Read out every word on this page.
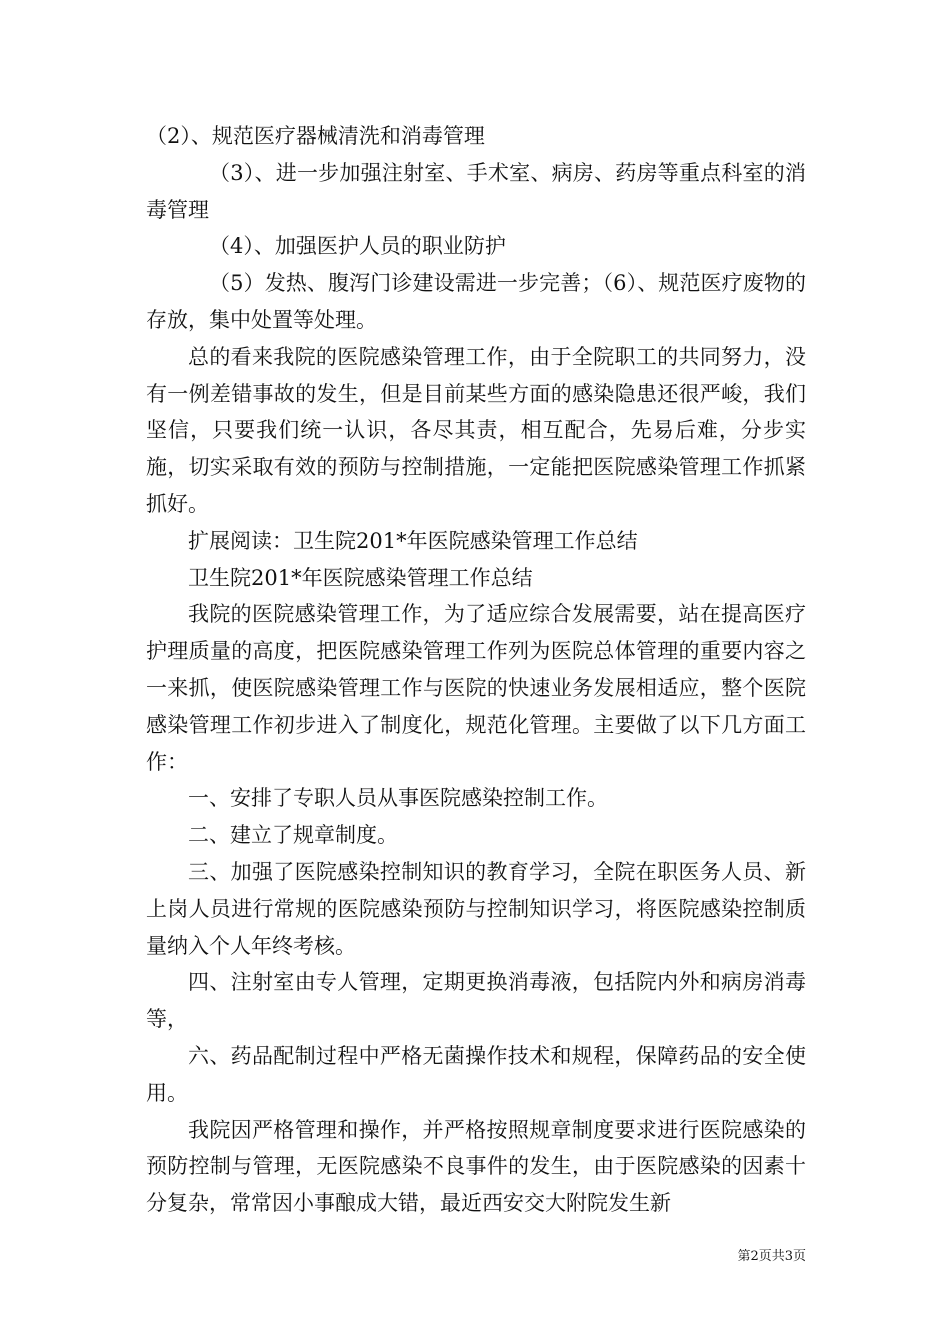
（2）、规范医疗器械清洗和消毒管理

（3）、进一步加强注射室、手术室、病房、药房等重点科室的消毒管理

（4）、加强医护人员的职业防护

（5）发热、腹泻门诊建设需进一步完善；（6）、规范医疗废物的存放，集中处置等处理。

总的看来我院的医院感染管理工作，由于全院职工的共同努力，没有一例差错事故的发生，但是目前某些方面的感染隐患还很严峻，我们坚信，只要我们统一认识，各尽其责，相互配合，先易后难，分步实施，切实采取有效的预防与控制措施，一定能把医院感染管理工作抓紧抓好。

扩展阅读：卫生院201*年医院感染管理工作总结

卫生院201*年医院感染管理工作总结

我院的医院感染管理工作，为了适应综合发展需要，站在提高医疗护理质量的高度，把医院感染管理工作列为医院总体管理的重要内容之一来抓，使医院感染管理工作与医院的快速业务发展相适应，整个医院感染管理工作初步进入了制度化，规范化管理。主要做了以下几方面工作：

一、安排了专职人员从事医院感染控制工作。

二、建立了规章制度。

三、加强了医院感染控制知识的教育学习，全院在职医务人员、新上岗人员进行常规的医院感染预防与控制知识学习，将医院感染控制质量纳入个人年终考核。

四、注射室由专人管理，定期更换消毒液，包括院内外和病房消毒等，

六、药品配制过程中严格无菌操作技术和规程，保障药品的安全使用。

我院因严格管理和操作，并严格按照规章制度要求进行医院感染的预防控制与管理，无医院感染不良事件的发生，由于医院感染的因素十分复杂，常常因小事酿成大错，最近西安交大附院发生新

第2页共3页
